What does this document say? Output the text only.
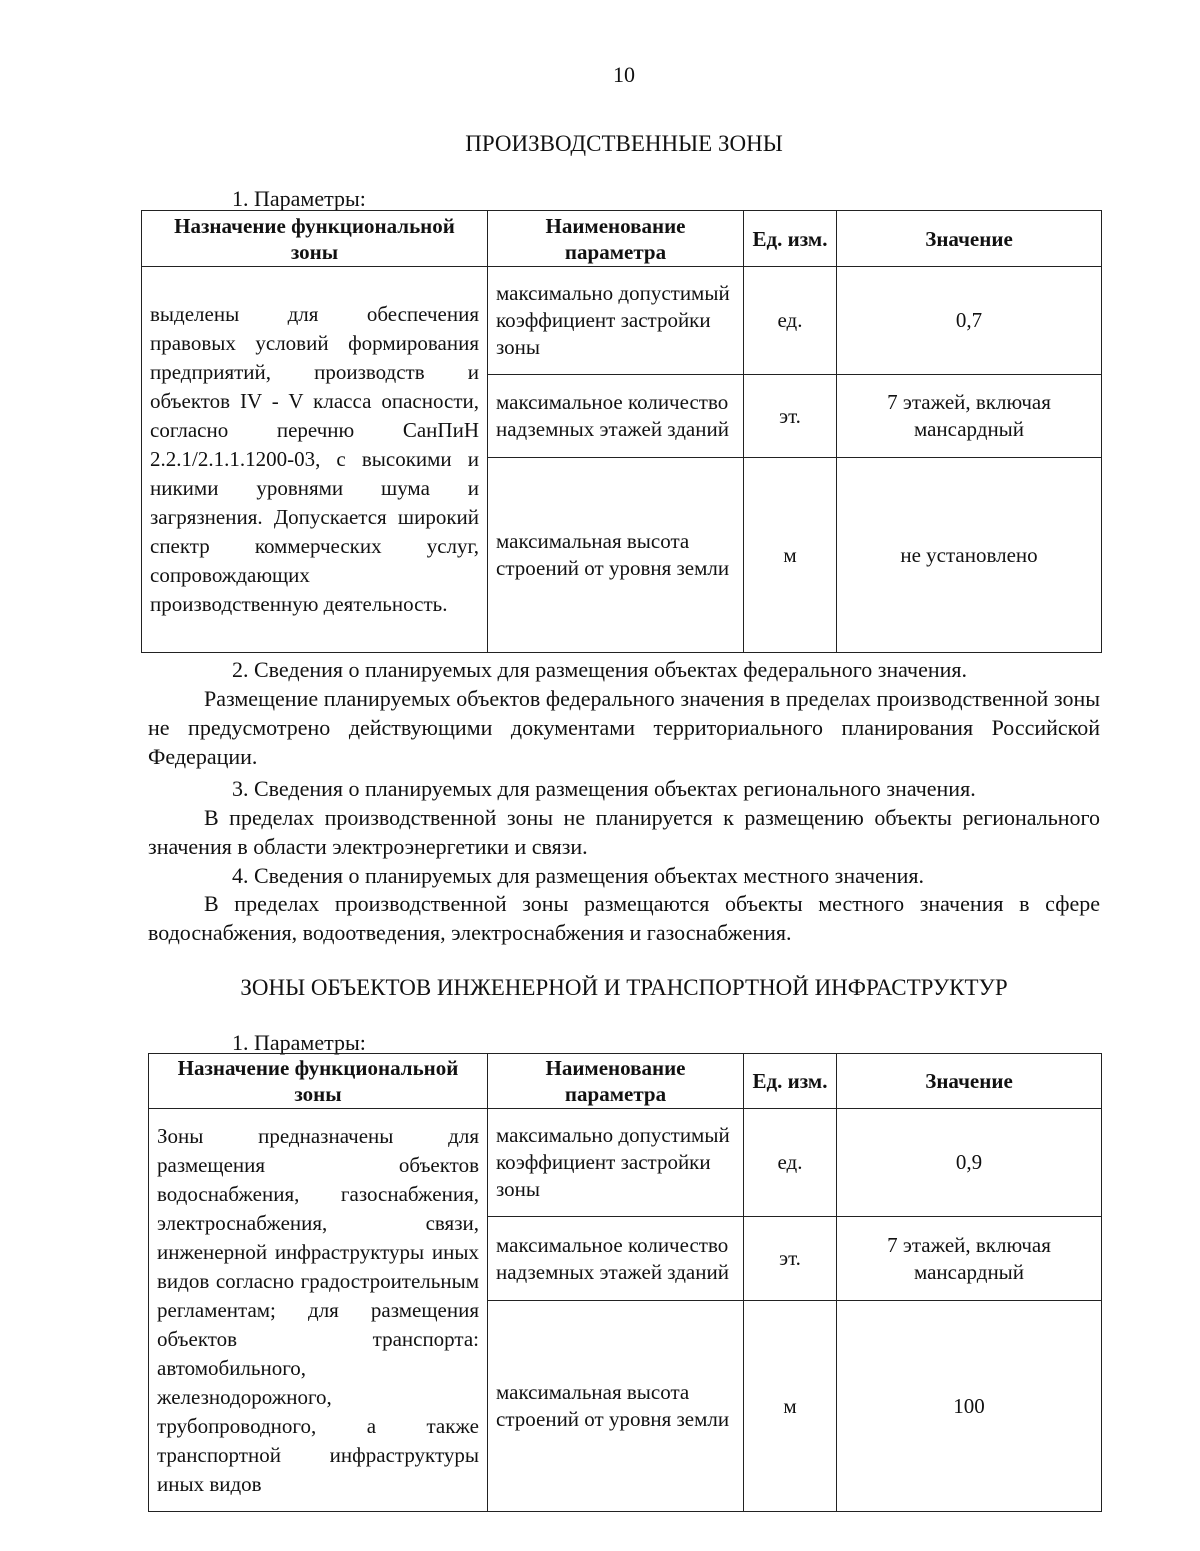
10
ПРОИЗВОДСТВЕННЫЕ ЗОНЫ
1. Параметры:
Назначение функциональной зоны	Наименование параметра	Ед. изм.	Значение
выделены для обеспечения правовых условий формирования предприятий, производств и объектов IV - V класса опасности, согласно перечню СанПиН 2.2.1/2.1.1.1200-03, с высокими и никими уровнями шума и загрязнения. Допускается широкий спектр коммерческих услуг, сопровождающих производственную деятельность.	максимально допустимый коэффициент застройки зоны	ед.	0,7
	максимальное количество надземных этажей зданий	эт.	7 этажей, включая мансардный
	максимальная высота строений от уровня земли	м	не установлено
2. Сведения о планируемых для размещения объектах федерального значения.
Размещение планируемых объектов федерального значения в пределах производственной зоны не предусмотрено действующими документами территориального планирования Российской Федерации.
3. Сведения о планируемых для размещения объектах регионального значения.
В пределах производственной зоны не планируется к размещению объекты регионального значения в области электроэнергетики и связи.
4. Сведения о планируемых для размещения объектах местного значения.
В пределах производственной зоны размещаются объекты местного значения в сфере водоснабжения, водоотведения, электроснабжения и газоснабжения.
ЗОНЫ ОБЪЕКТОВ ИНЖЕНЕРНОЙ И ТРАНСПОРТНОЙ ИНФРАСТРУКТУР
1. Параметры:
Назначение функциональной зоны	Наименование параметра	Ед. изм.	Значение
Зоны предназначены для размещения объектов водоснабжения, газоснабжения, электроснабжения, связи, инженерной инфраструктуры иных видов согласно градостроительным регламентам; для размещения объектов транспорта: автомобильного, железнодорожного, трубопроводного, а также транспортной инфраструктуры иных видов	максимально допустимый коэффициент застройки зоны	ед.	0,9
	максимальное количество надземных этажей зданий	эт.	7 этажей, включая мансардный
	максимальная высота строений от уровня земли	м	100
